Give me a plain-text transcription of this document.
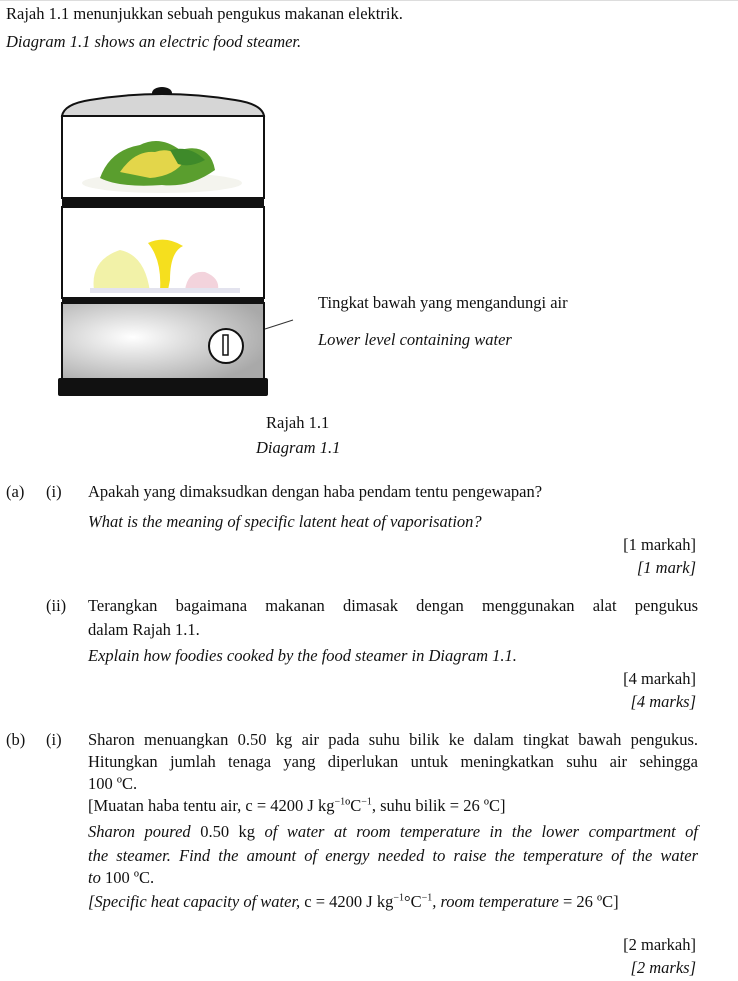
Rajah 1.1 menunjukkan sebuah pengukus makanan elektrik.
Diagram 1.1 shows an electric food steamer.
Tingkat bawah yang mengandungi air
Lower level containing water
Rajah 1.1
Diagram 1.1
(a) (i) Apakah yang dimaksudkan dengan haba pendam tentu pengewapan?
What is the meaning of specific latent heat of vaporisation?
[1 markah]
[1 mark]
(ii) Terangkan bagaimana makanan dimasak dengan menggunakan alat pengukus
dalam Rajah 1.1.
Explain how foodies cooked by the food steamer in Diagram 1.1.
[4 markah]
[4 marks]
(b) (i) Sharon menuangkan 0.50 kg air pada suhu bilik ke dalam tingkat bawah pengukus.
Hitungkan jumlah tenaga yang diperlukan untuk meningkatkan suhu air sehingga
100 ºC.
[Muatan haba tentu air, c = 4200 J $kg^{-1}ºC^{-1}$, suhu bilik = 26 ºC]
Sharon poured 0.50 kg of water at room temperature in the lower compartment of
the steamer. Find the amount of energy needed to raise the temperature of the water
to 100 ºC.
[Specific heat capacity of water, c = 4200 J $kg^{-1}^\circ C^{-1}$, room temperature = 26 ºC]
[2 markah]
[2 marks]
